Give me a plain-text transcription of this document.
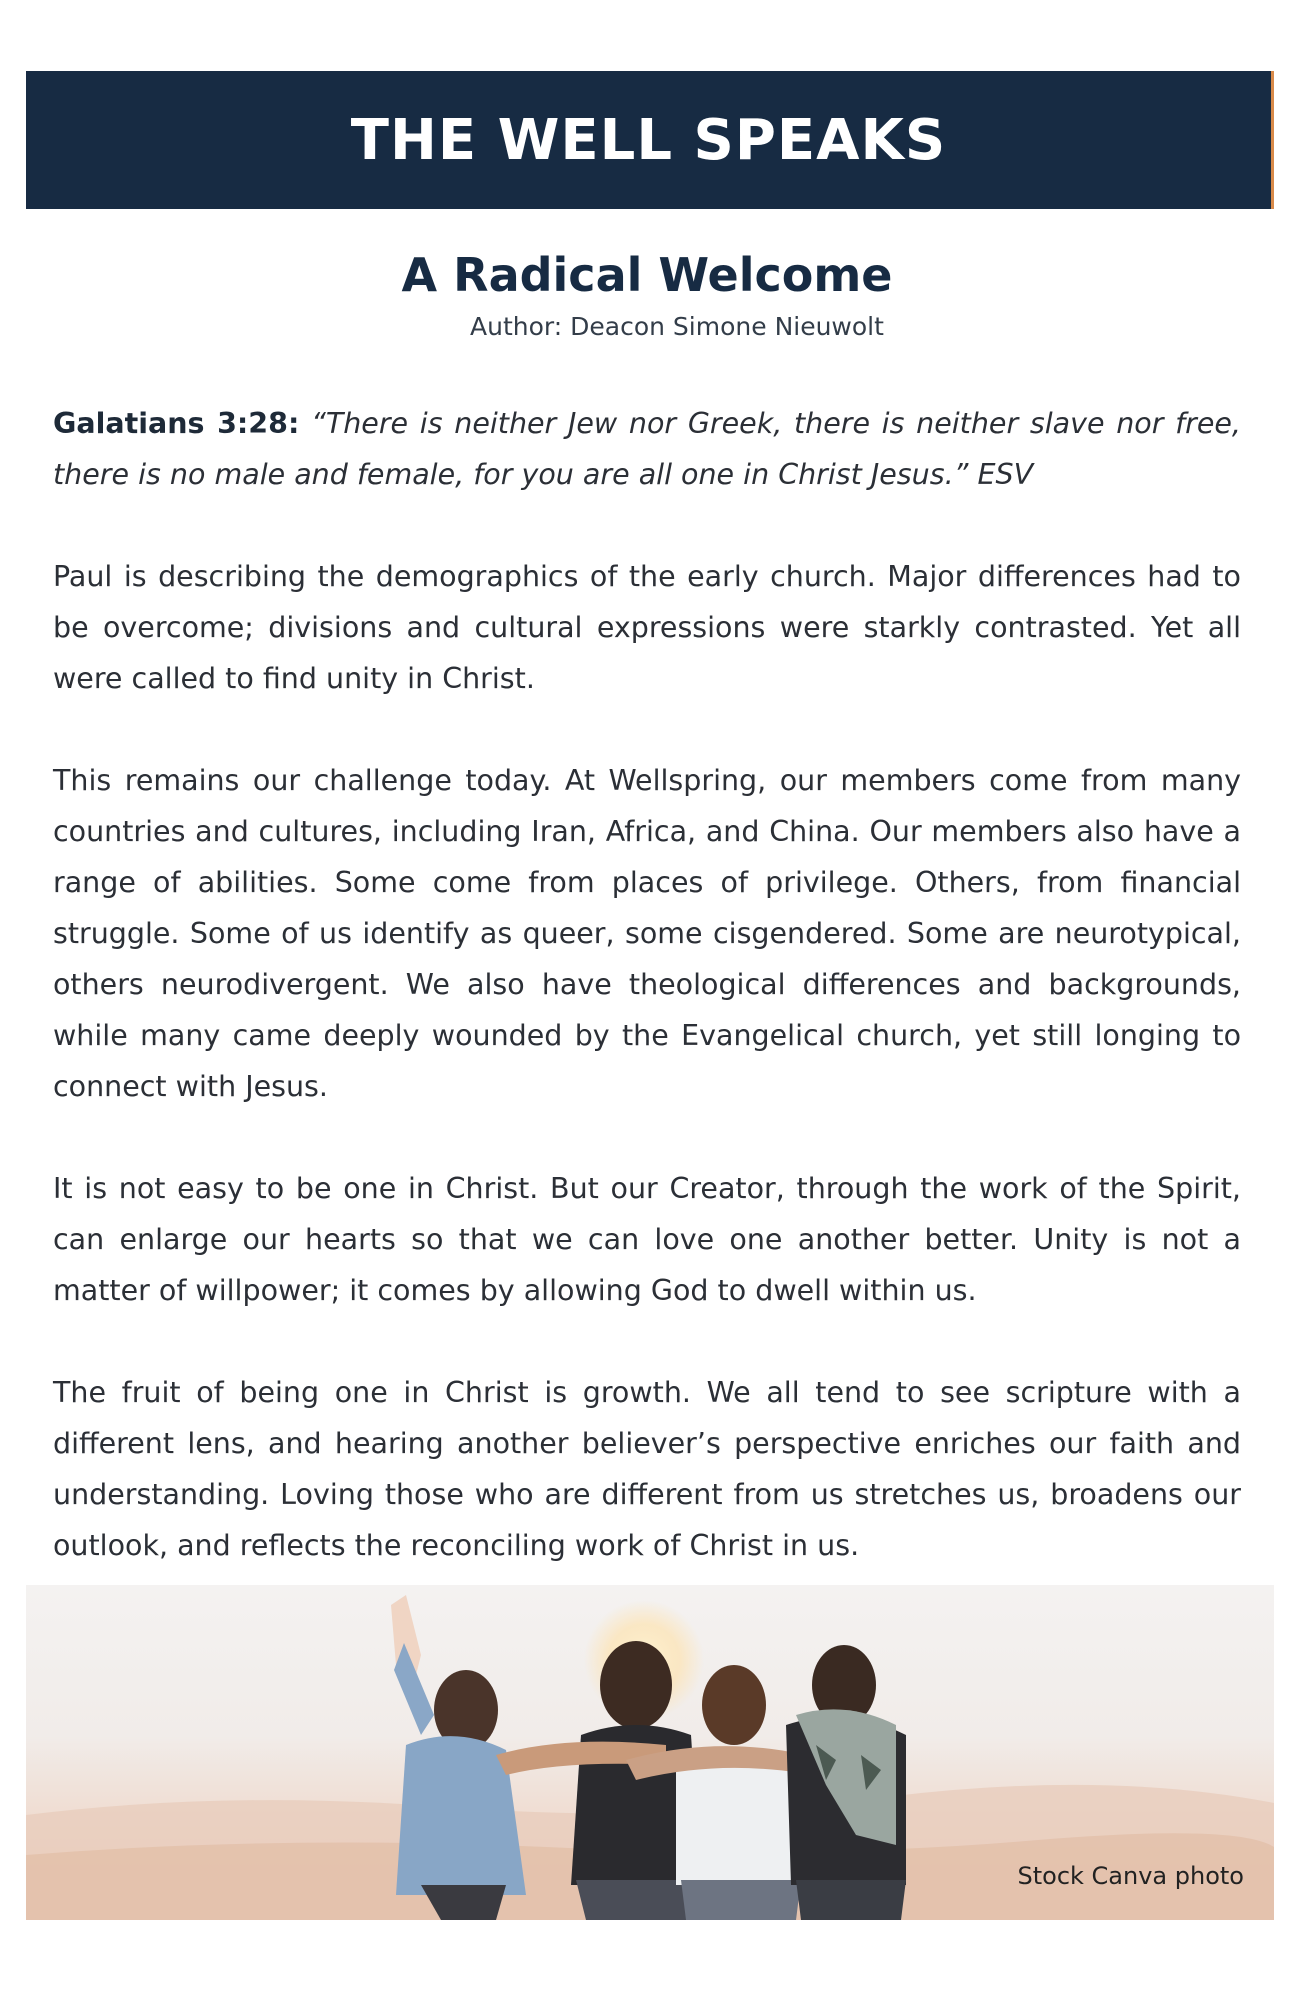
THE WELL SPEAKS
A Radical Welcome
Author: Deacon Simone Nieuwolt

Galatians 3:28: “There is neither Jew nor Greek, there is neither slave nor free, there is no male and female, for you are all one in Christ Jesus.” ESV

Paul is describing the demographics of the early church. Major differences had to be overcome; divisions and cultural expressions were starkly contrasted. Yet all were called to find unity in Christ.

This remains our challenge today. At Wellspring, our members come from many countries and cultures, including Iran, Africa, and China. Our members also have a range of abilities. Some come from places of privilege. Others, from financial struggle. Some of us identify as queer, some cisgendered. Some are neurotypical, others neurodivergent. We also have theological differences and backgrounds, while many came deeply wounded by the Evangelical church, yet still longing to connect with Jesus.

It is not easy to be one in Christ. But our Creator, through the work of the Spirit, can enlarge our hearts so that we can love one another better. Unity is not a matter of willpower; it comes by allowing God to dwell within us.

The fruit of being one in Christ is growth. We all tend to see scripture with a different lens, and hearing another believer’s perspective enriches our faith and understanding. Loving those who are different from us stretches us, broadens our outlook, and reflects the reconciling work of Christ in us.

Stock Canva photo
